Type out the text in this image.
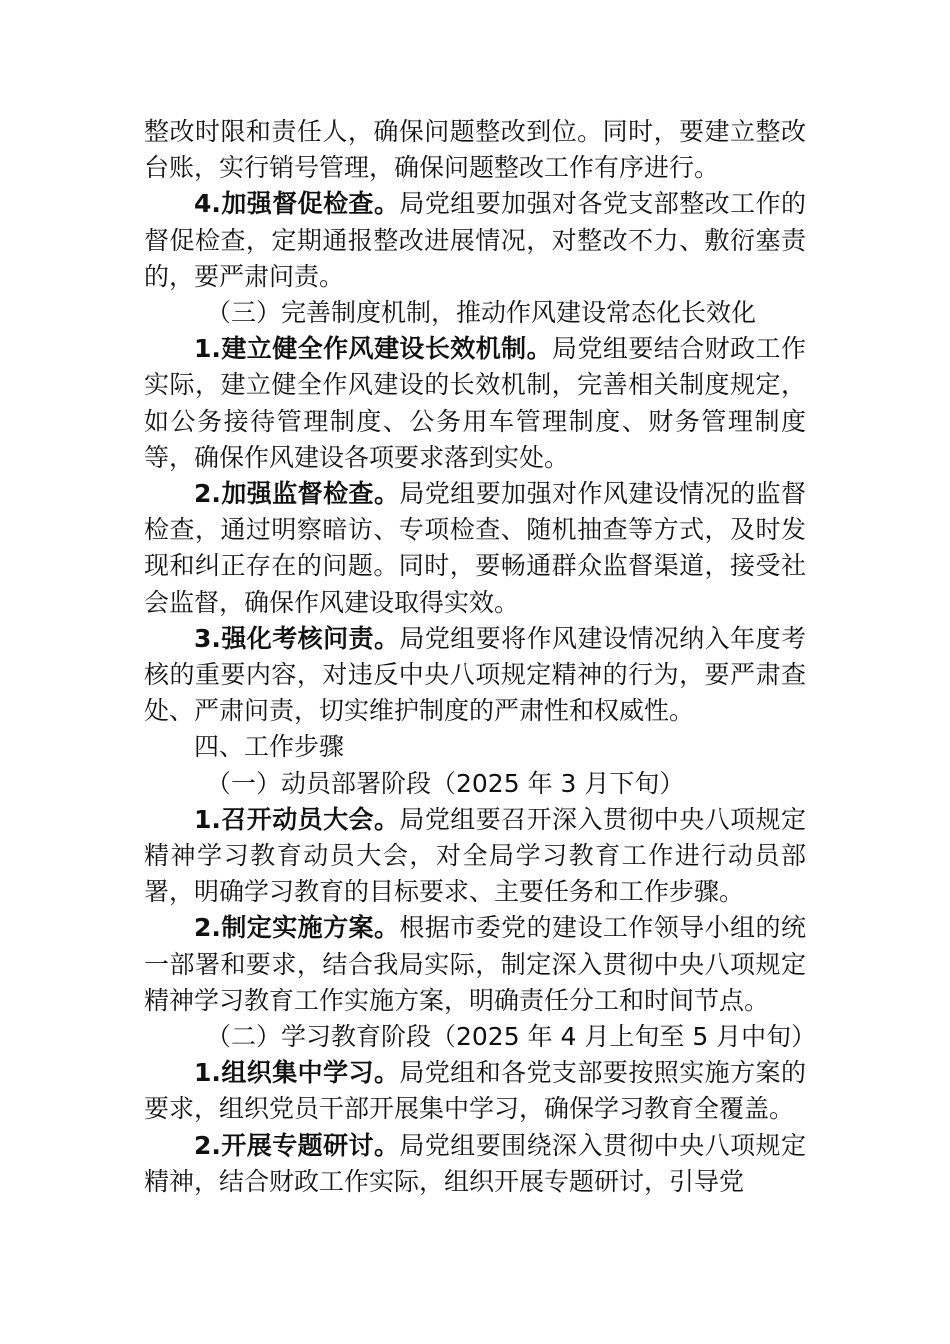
整改时限和责任人，确保问题整改到位。同时，要建立整改台账，实行销号管理，确保问题整改工作有序进行。

4.加强督促检查。局党组要加强对各党支部整改工作的督促检查，定期通报整改进展情况，对整改不力、敷衍塞责的，要严肃问责。

（三）完善制度机制，推动作风建设常态化长效化

1.建立健全作风建设长效机制。局党组要结合财政工作实际，建立健全作风建设的长效机制，完善相关制度规定，如公务接待管理制度、公务用车管理制度、财务管理制度等，确保作风建设各项要求落到实处。

2.加强监督检查。局党组要加强对作风建设情况的监督检查，通过明察暗访、专项检查、随机抽查等方式，及时发现和纠正存在的问题。同时，要畅通群众监督渠道，接受社会监督，确保作风建设取得实效。

3.强化考核问责。局党组要将作风建设情况纳入年度考核的重要内容，对违反中央八项规定精神的行为，要严肃查处、严肃问责，切实维护制度的严肃性和权威性。

四、工作步骤

（一）动员部署阶段（2025 年 3 月下旬）

1.召开动员大会。局党组要召开深入贯彻中央八项规定精神学习教育动员大会，对全局学习教育工作进行动员部署，明确学习教育的目标要求、主要任务和工作步骤。

2.制定实施方案。根据市委党的建设工作领导小组的统一部署和要求，结合我局实际，制定深入贯彻中央八项规定精神学习教育工作实施方案，明确责任分工和时间节点。

（二）学习教育阶段（2025 年 4 月上旬至 5 月中旬）

1.组织集中学习。局党组和各党支部要按照实施方案的要求，组织党员干部开展集中学习，确保学习教育全覆盖。

2.开展专题研讨。局党组要围绕深入贯彻中央八项规定精神，结合财政工作实际，组织开展专题研讨，引导党
